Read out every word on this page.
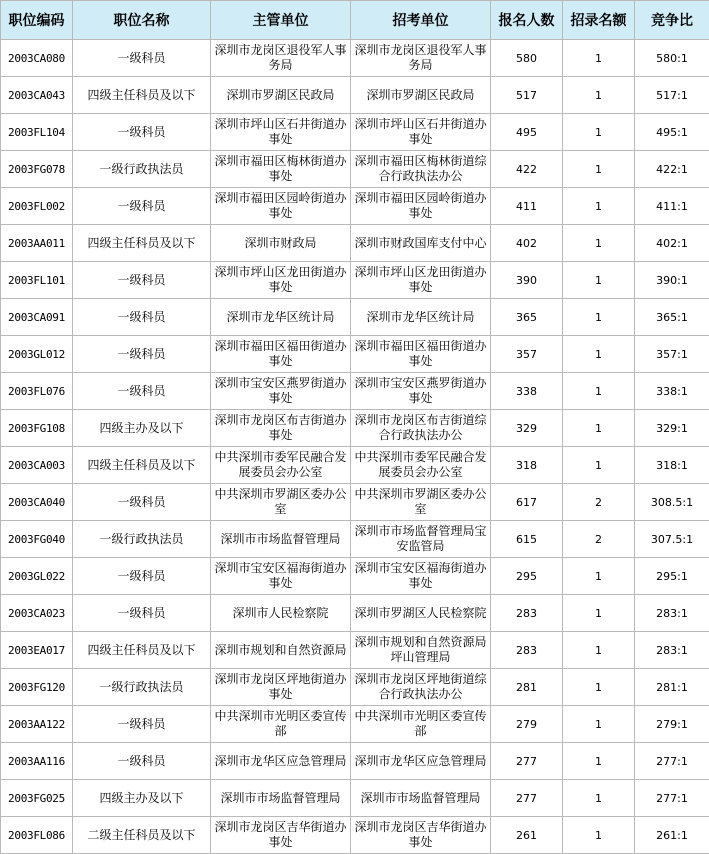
职位编码	职位名称	主管单位	招考单位	报名人数	招录名额	竞争比
2003CA080	一级科员	深圳市龙岗区退役军人事务局	深圳市龙岗区退役军人事务局	580	1	580:1
2003CA043	四级主任科员及以下	深圳市罗湖区民政局	深圳市罗湖区民政局	517	1	517:1
2003FL104	一级科员	深圳市坪山区石井街道办事处	深圳市坪山区石井街道办事处	495	1	495:1
2003FG078	一级行政执法员	深圳市福田区梅林街道办事处	深圳市福田区梅林街道综合行政执法办公	422	1	422:1
2003FL002	一级科员	深圳市福田区园岭街道办事处	深圳市福田区园岭街道办事处	411	1	411:1
2003AA011	四级主任科员及以下	深圳市财政局	深圳市财政国库支付中心	402	1	402:1
2003FL101	一级科员	深圳市坪山区龙田街道办事处	深圳市坪山区龙田街道办事处	390	1	390:1
2003CA091	一级科员	深圳市龙华区统计局	深圳市龙华区统计局	365	1	365:1
2003GL012	一级科员	深圳市福田区福田街道办事处	深圳市福田区福田街道办事处	357	1	357:1
2003FL076	一级科员	深圳市宝安区燕罗街道办事处	深圳市宝安区燕罗街道办事处	338	1	338:1
2003FG108	四级主办及以下	深圳市龙岗区布吉街道办事处	深圳市龙岗区布吉街道综合行政执法办公	329	1	329:1
2003CA003	四级主任科员及以下	中共深圳市委军民融合发展委员会办公室	中共深圳市委军民融合发展委员会办公室	318	1	318:1
2003CA040	一级科员	中共深圳市罗湖区委办公室	中共深圳市罗湖区委办公室	617	2	308.5:1
2003FG040	一级行政执法员	深圳市市场监督管理局	深圳市市场监督管理局宝安监管局	615	2	307.5:1
2003GL022	一级科员	深圳市宝安区福海街道办事处	深圳市宝安区福海街道办事处	295	1	295:1
2003CA023	一级科员	深圳市人民检察院	深圳市罗湖区人民检察院	283	1	283:1
2003EA017	四级主任科员及以下	深圳市规划和自然资源局	深圳市规划和自然资源局坪山管理局	283	1	283:1
2003FG120	一级行政执法员	深圳市龙岗区坪地街道办事处	深圳市龙岗区坪地街道综合行政执法办公	281	1	281:1
2003AA122	一级科员	中共深圳市光明区委宣传部	中共深圳市光明区委宣传部	279	1	279:1
2003AA116	一级科员	深圳市龙华区应急管理局	深圳市龙华区应急管理局	277	1	277:1
2003FG025	四级主办及以下	深圳市市场监督管理局	深圳市市场监督管理局	277	1	277:1
2003FL086	二级主任科员及以下	深圳市龙岗区吉华街道办事处	深圳市龙岗区吉华街道办事处	261	1	261:1
